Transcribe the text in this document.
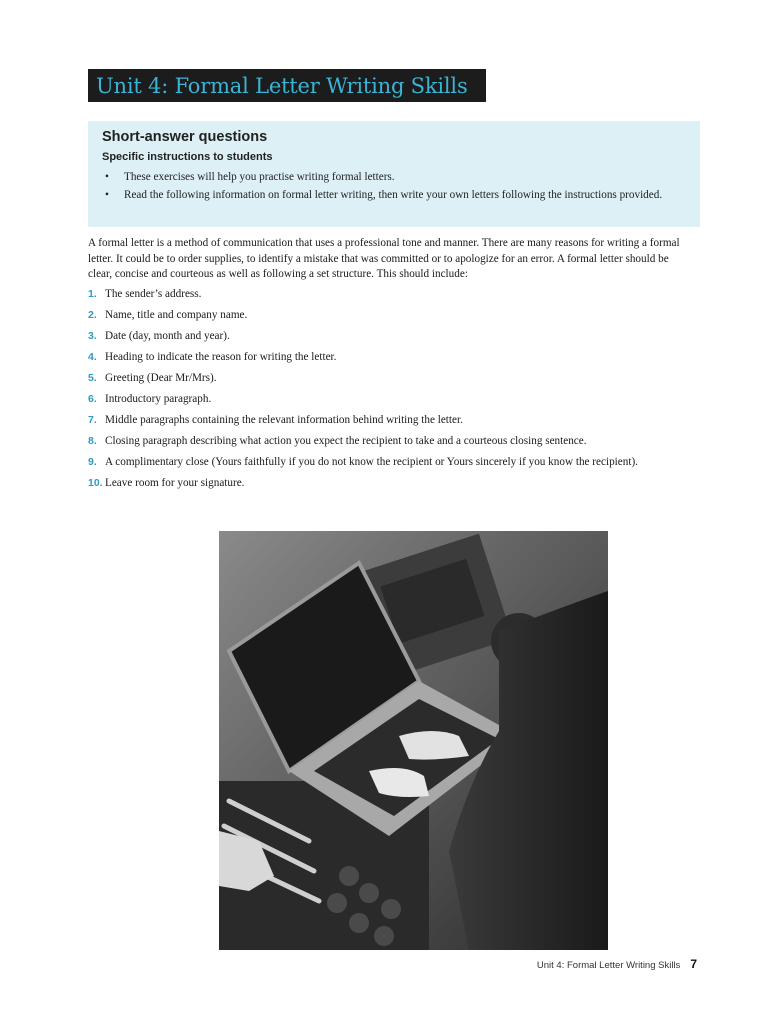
Unit 4: Formal Letter Writing Skills

Short-answer questions

Specific instructions to students

• These exercises will help you practise writing formal letters.
• Read the following information on formal letter writing, then write your own letters following the instructions provided.

A formal letter is a method of communication that uses a professional tone and manner. There are many reasons for writing a formal letter. It could be to order supplies, to identify a mistake that was committed or to apologize for an error. A formal letter should be clear, concise and courteous as well as following a set structure. This should include:

1. The sender’s address.
2. Name, title and company name.
3. Date (day, month and year).
4. Heading to indicate the reason for writing the letter.
5. Greeting (Dear Mr/Mrs).
6. Introductory paragraph.
7. Middle paragraphs containing the relevant information behind writing the letter.
8. Closing paragraph describing what action you expect the recipient to take and a courteous closing sentence.
9. A complimentary close (Yours faithfully if you do not know the recipient or Yours sincerely if you know the recipient).
10. Leave room for your signature.
Unit 4: Formal Letter Writing Skills 7
